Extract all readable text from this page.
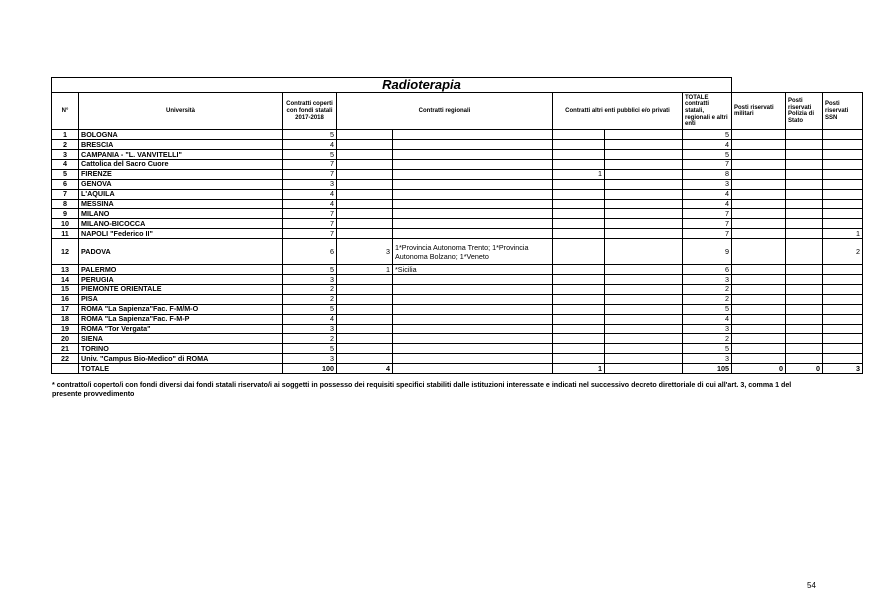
Radioterapia										
N°	Università	Contratti coperti con fondi statali 2017-2018	Contratti regionali		Contratti altri enti pubblici e/o privati		TOTALE contratti statali, regionali e altri enti	Posti riservati militari	Posti riservati Polizia di Stato	Posti riservati SSN
1	BOLOGNA	5					5			
2	BRESCIA	4					4			
3	CAMPANIA - "L. VANVITELLI"	5					5			
4	Cattolica del Sacro Cuore	7					7			
5	FIRENZE	7			1		8			
6	GENOVA	3					3			
7	L'AQUILA	4					4			
8	MESSINA	4					4			
9	MILANO	7					7			
10	MILANO-BICOCCA	7					7			
11	NAPOLI "Federico II"	7					7			1
12	PADOVA	6	3	1*Provincia Autonoma Trento; 1*Provincia Autonoma Bolzano; 1*Veneto			9			2
13	PALERMO	5	1	*Sicilia			6			
14	PERUGIA	3					3			
15	PIEMONTE ORIENTALE	2					2			
16	PISA	2					2			
17	ROMA "La Sapienza"Fac. F-M/M-O	5					5			
18	ROMA "La Sapienza"Fac. F-M-P	4					4			
19	ROMA "Tor Vergata"	3					3			
20	SIENA	2					2			
21	TORINO	5					5			
22	Univ. "Campus Bio-Medico" di ROMA	3					3			
	TOTALE	100	4		1		105	0	0	3
* contratto/i coperto/i con fondi diversi dai fondi statali riservato/i ai soggetti in possesso dei requisiti specifici stabiliti dalle istituzioni interessate e indicati nel successivo decreto direttoriale di cui all'art. 3, comma 1 del presente provvedimento
54
